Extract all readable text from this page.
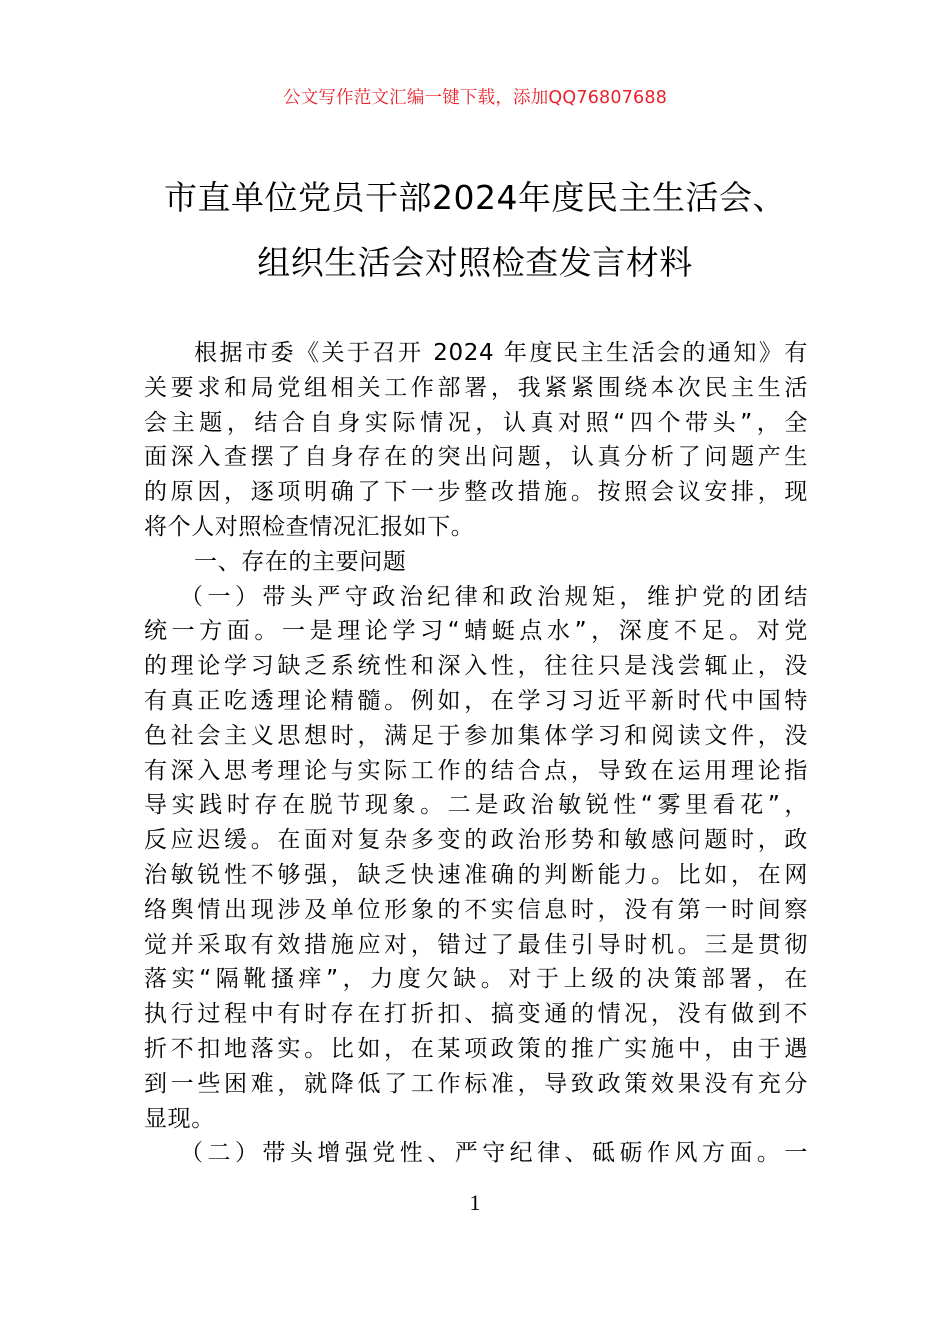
公文写作范文汇编一键下载，添加QQ76807688
市直单位党员干部2024年度民主生活会、
组织生活会对照检查发言材料
根据市委《关于召开 2024 年度民主生活会的通知》有
关要求和局党组相关工作部署，我紧紧围绕本次民主生活
会主题，结合自身实际情况，认真对照“四个带头”，全
面深入查摆了自身存在的突出问题，认真分析了问题产生
的原因，逐项明确了下一步整改措施。按照会议安排，现
将个人对照检查情况汇报如下。
一、存在的主要问题
（一）带头严守政治纪律和政治规矩，维护党的团结
统一方面。一是理论学习“蜻蜓点水”，深度不足。对党
的理论学习缺乏系统性和深入性，往往只是浅尝辄止，没
有真正吃透理论精髓。例如，在学习习近平新时代中国特
色社会主义思想时，满足于参加集体学习和阅读文件，没
有深入思考理论与实际工作的结合点，导致在运用理论指
导实践时存在脱节现象。二是政治敏锐性“雾里看花”，
反应迟缓。在面对复杂多变的政治形势和敏感问题时，政
治敏锐性不够强，缺乏快速准确的判断能力。比如，在网
络舆情出现涉及单位形象的不实信息时，没有第一时间察
觉并采取有效措施应对，错过了最佳引导时机。三是贯彻
落实“隔靴搔痒”，力度欠缺。对于上级的决策部署，在
执行过程中有时存在打折扣、搞变通的情况，没有做到不
折不扣地落实。比如，在某项政策的推广实施中，由于遇
到一些困难，就降低了工作标准，导致政策效果没有充分
显现。
（二）带头增强党性、严守纪律、砥砺作风方面。一
1
